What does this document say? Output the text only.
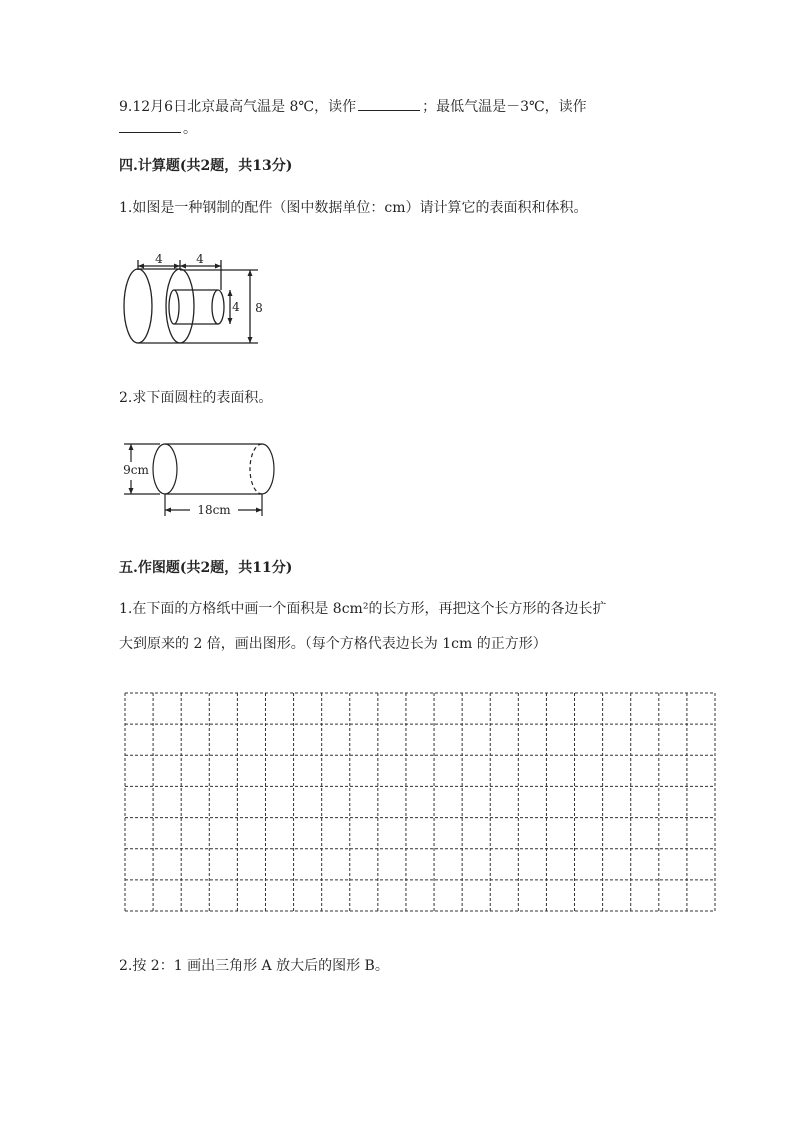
9.12月6日北京最高气温是 8℃，读作	；最低气温是－3℃，读作
。
四.计算题(共2题，共13分)
1.如图是一种钢制的配件（图中数据单位：cm）请计算它的表面积和体积。
4	4
4 8
2.求下面圆柱的表面积。
9cm
18cm
五.作图题(共2题，共11分)
1.在下面的方格纸中画一个面积是 8cm²的长方形，再把这个长方形的各边长扩
大到原来的 2 倍，画出图形。（每个方格代表边长为 1cm 的正方形）
2.按 2：1 画出三角形 A 放大后的图形 B。
